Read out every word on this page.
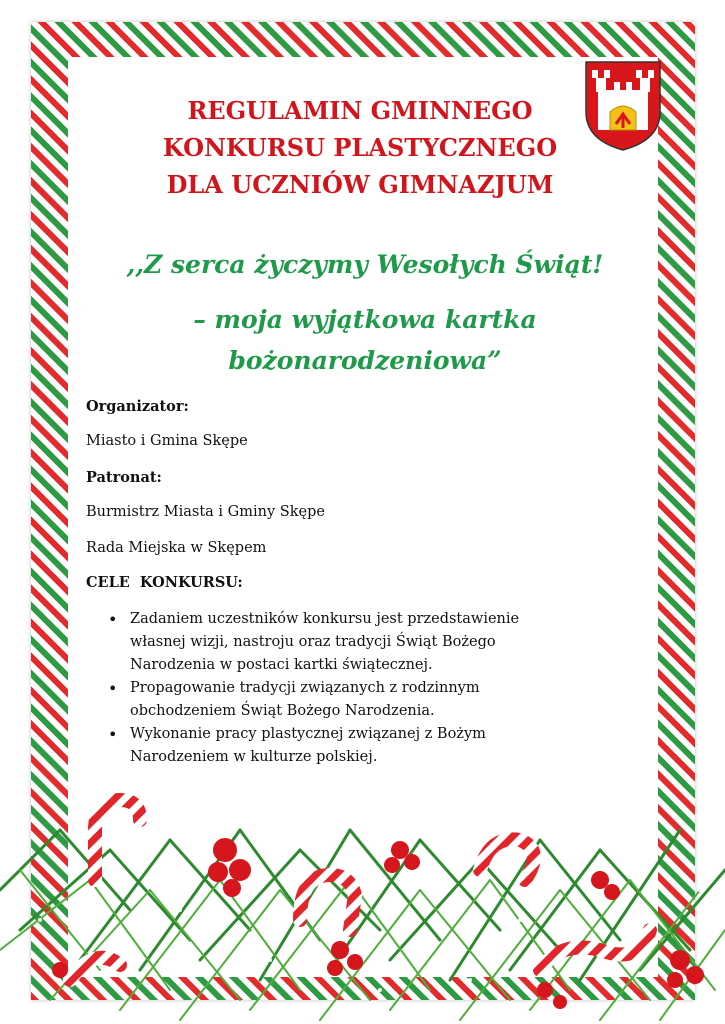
REGULAMIN GMINNEGO
KONKURSU PLASTYCZNEGO
DLA UCZNIÓW GIMNAZJUM
,,Z serca życzymy Wesołych Świąt!
– moja wyjątkowa kartka
bożonarodzeniowa”
Organizator:
Miasto i Gmina Skępe
Patronat:
Burmistrz Miasta i Gminy Skępe
Rada Miejska w Skępem
CELE  KONKURSU:
• Zadaniem uczestników konkursu jest przedstawienie
własnej wizji, nastroju oraz tradycji Świąt Bożego
Narodzenia w postaci kartki świątecznej.
• Propagowanie tradycji związanych z rodzinnym
obchodzeniem Świąt Bożego Narodzenia.
• Wykonanie pracy plastycznej związanej z Bożym
Narodzeniem w kulturze polskiej.
